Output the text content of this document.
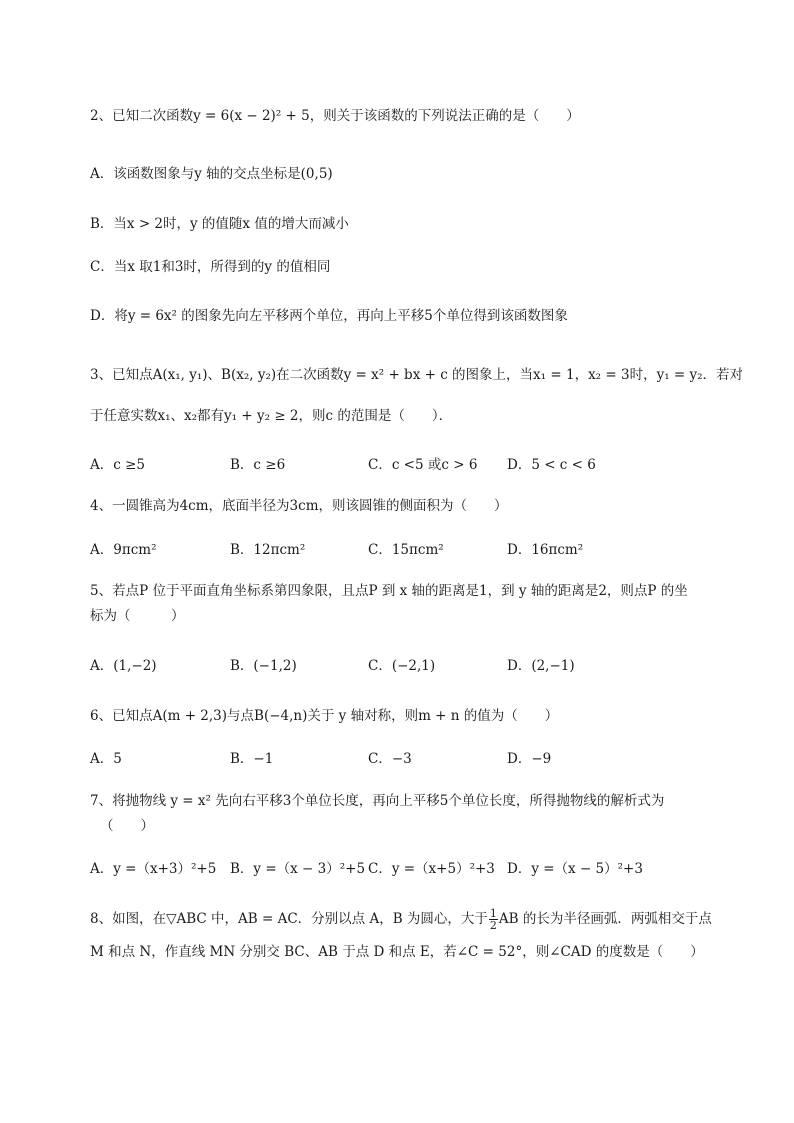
2、已知二次函数y = 6(x − 2)² + 5，则关于该函数的下列说法正确的是（　　）
A．该函数图象与y 轴的交点坐标是(0,5)
B．当x > 2时，y 的值随x 值的增大而减小
C．当x 取1和3时，所得到的y 的值相同
D．将y = 6x² 的图象先向左平移两个单位，再向上平移5个单位得到该函数图象
3、已知点A(x₁, y₁)、B(x₂, y₂)在二次函数y = x² + bx + c 的图象上，当x₁ = 1，x₂ = 3时，y₁ = y₂．若对
于任意实数x₁、x₂都有y₁ + y₂ ≥ 2，则c 的范围是（　　）．
A．c ≥5	B．c ≥6	C．c <5 或c > 6 D．5 < c < 6
4、一圆锥高为4cm，底面半径为3cm，则该圆锥的侧面积为（　　）
A．9πcm²	B．12πcm²	C．15πcm²	D．16πcm²
5、若点P 位于平面直角坐标系第四象限，且点P 到 x 轴的距离是1，到 y 轴的距离是2，则点P 的坐
标为（　　　）
A．(1,−2)	B．(−1,2)	C．(−2,1)	D．(2,−1)
6、已知点A(m + 2,3)与点B(−4,n)关于 y 轴对称，则m + n 的值为（　　）
A．5	B．−1	C．−3	D．−9
7、将抛物线 y = x² 先向右平移3个单位长度，再向上平移5个单位长度，所得抛物线的解析式为
（　　）
A．y =（x+3）²+5 B．y =（x − 3）²+5 C．y =（x+5）²+3 D．y =（x − 5）²+3
8、如图，在▽ABC 中，AB = AC．分别以点 A，B 为圆心，大于 $\frac{1}{2}$ AB 的长为半径画弧．两弧相交于点
M 和点 N，作直线 MN 分别交 BC、AB 于点 D 和点 E，若∠C = 52°，则∠CAD 的度数是（　　）
